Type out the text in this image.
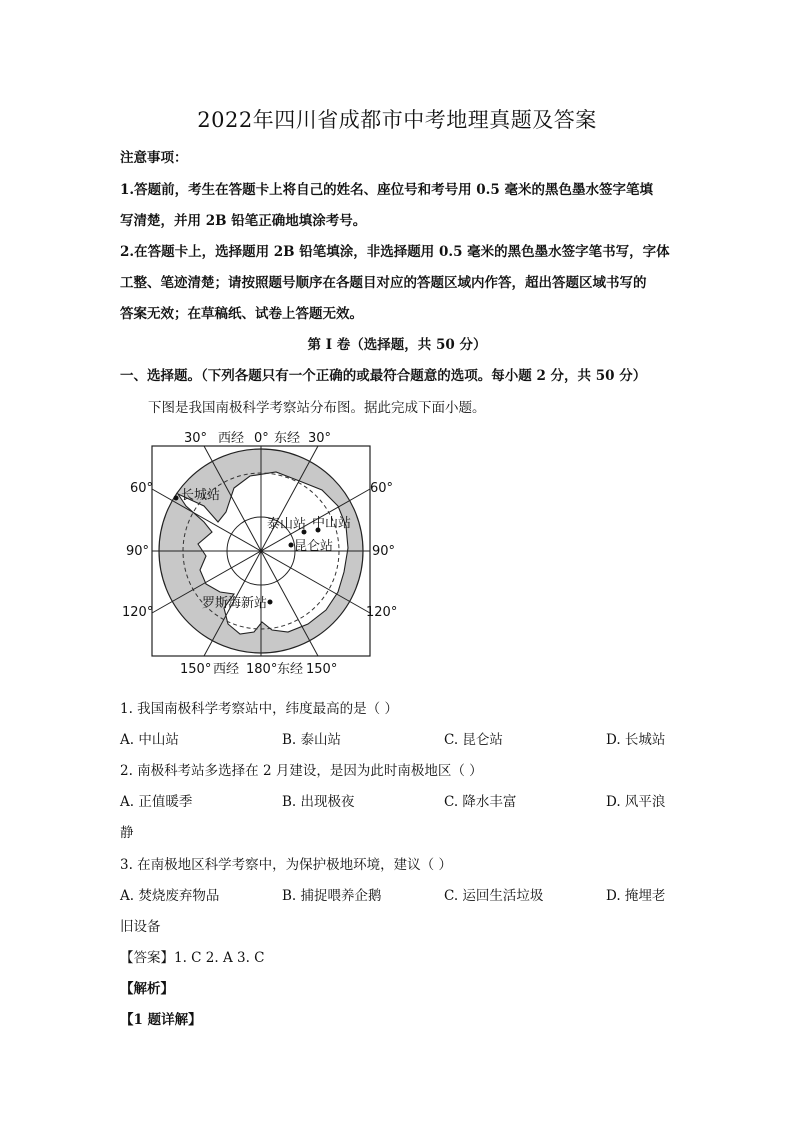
2022年四川省成都市中考地理真题及答案
注意事项：
1.答题前，考生在答题卡上将自己的姓名、座位号和考号用 0.5 毫米的黑色墨水签字笔填
写清楚，并用 2B 铅笔正确地填涂考号。
2.在答题卡上，选择题用 2B 铅笔填涂，非选择题用 0.5 毫米的黑色墨水签字笔书写，字体
工整、笔迹清楚；请按照题号顺序在各题目对应的答题区域内作答，超出答题区域书写的
答案无效；在草稿纸、试卷上答题无效。
第 I 卷（选择题，共 50 分）
一、选择题。（下列各题只有一个正确的或最符合题意的选项。每小题 2 分，共 50 分）
下图是我国南极科学考察站分布图。据此完成下面小题。
30° 西经 0° 东经 30°
60°
90°
120°
60°
90°
120°
150° 西经 180° 东经 150°
长城站
泰山站 中山站
昆仑站
罗斯海新站
1. 我国南极科学考察站中，纬度最高的是（ ）
A. 中山站	B. 泰山站	C. 昆仑站	D. 长城站
2. 南极科考站多选择在 2 月建设，是因为此时南极地区（ ）
A. 正值暖季	B. 出现极夜	C. 降水丰富	D. 风平浪
静
3. 在南极地区科学考察中，为保护极地环境，建议（ ）
A. 焚烧废弃物品	B. 捕捉喂养企鹅	C. 运回生活垃圾	D. 掩埋老
旧设备
【答案】1. C 2. A 3. C
【解析】
【1 题详解】
